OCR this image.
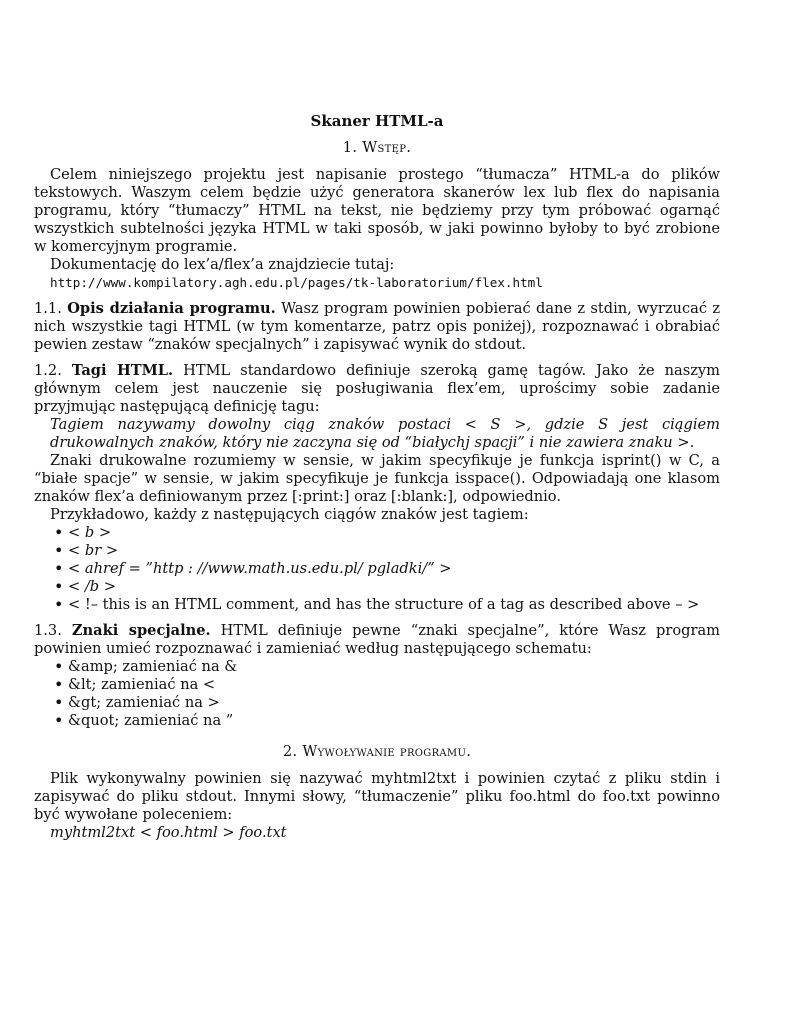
Skaner HTML-a
1. Wstęp.

Celem niniejszego projektu jest napisanie prostego “tłumacza” HTML-a do plików tekstowych. Waszym celem będzie użyć generatora skanerów lex lub flex do napisania programu, który “tłumaczy” HTML na tekst, nie będziemy przy tym próbować ogarnąć wszystkich subtelności języka HTML w taki sposób, w jaki powinno byłoby to być zrobione w komercyjnym programie.

Dokumentację do lex’a/flex’a znajdziecie tutaj:

http://www.kompilatory.agh.edu.pl/pages/tk-laboratorium/flex.html

1.1. Opis działania programu. Wasz program powinien pobierać dane z stdin, wyrzucać z nich wszystkie tagi HTML (w tym komentarze, patrz opis poniżej), rozpoznawać i obrabiać pewien zestaw “znaków specjalnych” i zapisywać wynik do stdout.

1.2. Tagi HTML. HTML standardowo definiuje szeroką gamę tagów. Jako że naszym głównym celem jest nauczenie się posługiwania flex’em, uprościmy sobie zadanie przyjmując następującą definicję tagu:

Tagiem nazywamy dowolny ciąg znaków postaci < S >, gdzie S jest ciągiem drukowalnych znaków, który nie zaczyna się od “białychj spacji” i nie zawiera znaku >.

Znaki drukowalne rozumiemy w sensie, w jakim specyfikuje je funkcja isprint() w C, a “białe spacje” w sensie, w jakim specyfikuje je funkcja isspace(). Odpowiadają one klasom znaków flex’a definiowanym przez [:print:] oraz [:blank:], odpowiednio.

Przykładowo, każdy z następujących ciągów znaków jest tagiem:

• < b >
• < br >
• < ahref = ”http : //www.math.us.edu.pl/ pgladki/” >
• < /b >
• < !– this is an HTML comment, and has the structure of a tag as described above – >

1.3. Znaki specjalne. HTML definiuje pewne “znaki specjalne”, które Wasz program powinien umieć rozpoznawać i zamieniać według następującego schematu:

• &amp; zamieniać na &
• &lt; zamieniać na <
• &gt; zamieniać na >
• &quot; zamieniać na ”
2. Wywoływanie programu.

Plik wykonywalny powinien się nazywać myhtml2txt i powinien czytać z pliku stdin i zapisywać do pliku stdout. Innymi słowy, “tłumaczenie” pliku foo.html do foo.txt powinno być wywołane poleceniem:

myhtml2txt < foo.html > foo.txt
